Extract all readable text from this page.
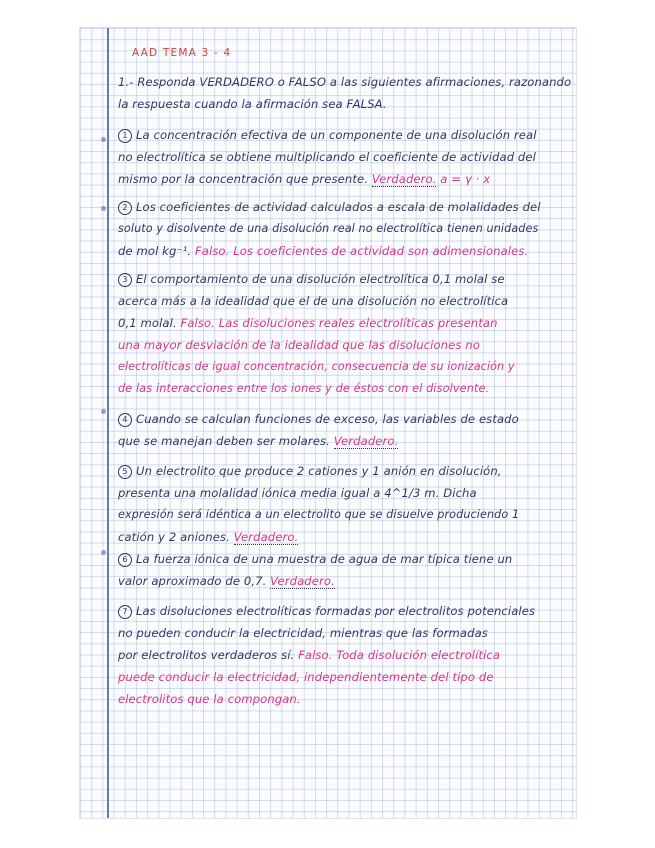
AAD TEMA 3 - 4
1.- Responda VERDADERO o FALSO a las siguientes afirmaciones, razonando
la respuesta cuando la afirmación sea FALSA.
1 La concentración efectiva de un componente de una disolución real
no electrolítica se obtiene multiplicando el coeficiente de actividad del
mismo por la concentración que presente. Verdadero. a = γ · x
2 Los coeficientes de actividad calculados a escala de molalidades del
soluto y disolvente de una disolución real no electrolítica tienen unidades
de mol kg⁻¹. Falso. Los coeficientes de actividad son adimensionales.
3 El comportamiento de una disolución electrolítica 0,1 molal se
acerca más a la idealidad que el de una disolución no electrolítica
0,1 molal. Falso. Las disoluciones reales electrolíticas presentan
una mayor desviación de la idealidad que las disoluciones no
electrolíticas de igual concentración, consecuencia de su ionización y
de las interacciones entre los iones y de éstos con el disolvente.
4 Cuando se calculan funciones de exceso, las variables de estado
que se manejan deben ser molares. Verdadero.
5 Un electrolito que produce 2 cationes y 1 anión en disolución,
presenta una molalidad iónica media igual a 4^1/3 m. Dicha
expresión será idéntica a un electrolito que se disuelve produciendo 1
catión y 2 aniones. Verdadero.
6 La fuerza iónica de una muestra de agua de mar típica tiene un
valor aproximado de 0,7. Verdadero.
7 Las disoluciones electrolíticas formadas por electrolitos potenciales
no pueden conducir la electricidad, mientras que las formadas
por electrolitos verdaderos sí. Falso. Toda disolución electrolítica
puede conducir la electricidad, independientemente del tipo de
electrolitos que la compongan.
